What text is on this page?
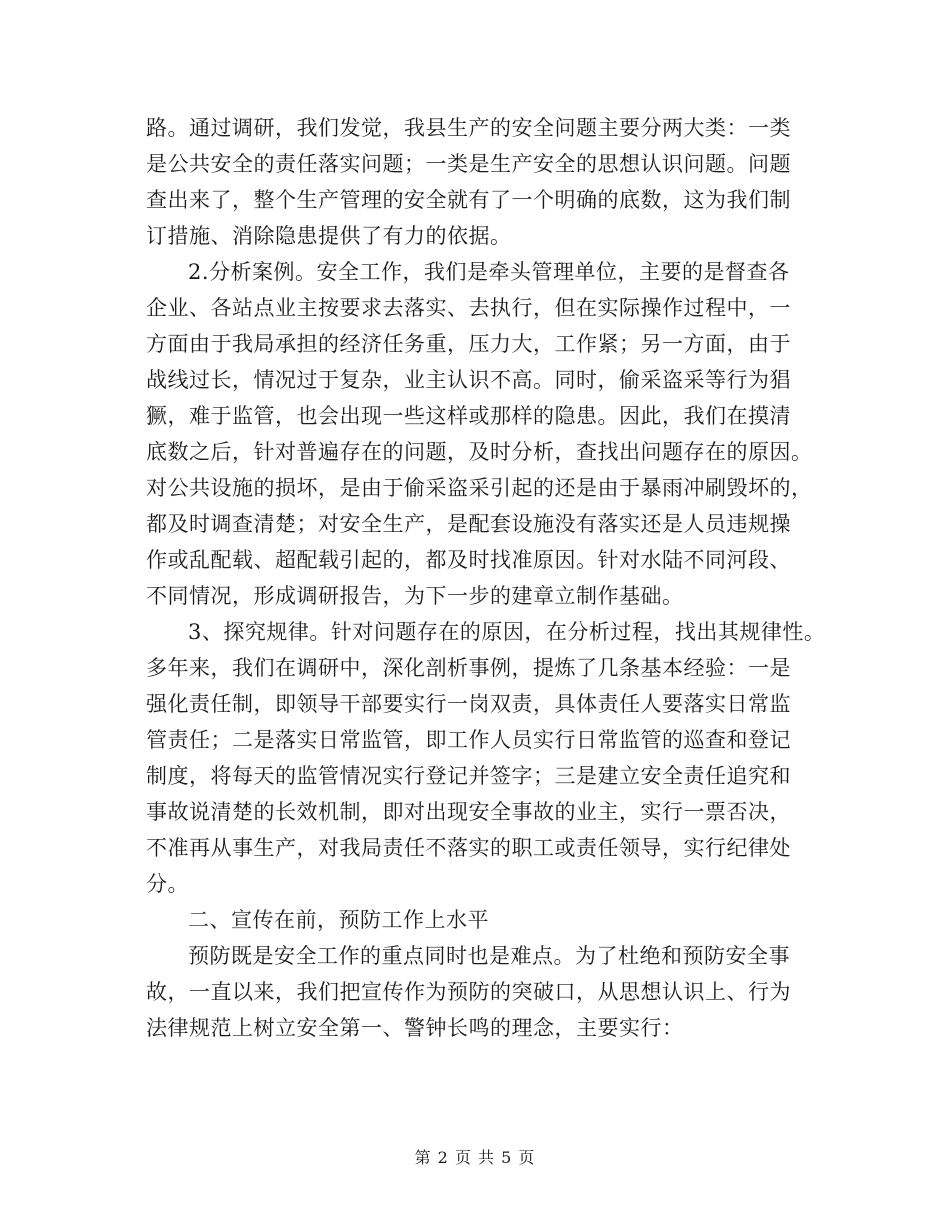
路。通过调研，我们发觉，我县生产的安全问题主要分两大类：一类
是公共安全的责任落实问题；一类是生产安全的思想认识问题。问题
查出来了，整个生产管理的安全就有了一个明确的底数，这为我们制
订措施、消除隐患提供了有力的依据。
2.分析案例。安全工作，我们是牵头管理单位，主要的是督查各
企业、各站点业主按要求去落实、去执行，但在实际操作过程中，一
方面由于我局承担的经济任务重，压力大，工作紧；另一方面，由于
战线过长，情况过于复杂，业主认识不高。同时，偷采盗采等行为猖
獗，难于监管，也会出现一些这样或那样的隐患。因此，我们在摸清
底数之后，针对普遍存在的问题，及时分析，查找出问题存在的原因。
对公共设施的损坏，是由于偷采盗采引起的还是由于暴雨冲刷毁坏的，
都及时调查清楚；对安全生产，是配套设施没有落实还是人员违规操
作或乱配载、超配载引起的，都及时找准原因。针对水陆不同河段、
不同情况，形成调研报告，为下一步的建章立制作基础。
3、探究规律。针对问题存在的原因，在分析过程，找出其规律性。
多年来，我们在调研中，深化剖析事例，提炼了几条基本经验：一是
强化责任制，即领导干部要实行一岗双责，具体责任人要落实日常监
管责任；二是落实日常监管，即工作人员实行日常监管的巡查和登记
制度，将每天的监管情况实行登记并签字；三是建立安全责任追究和
事故说清楚的长效机制，即对出现安全事故的业主，实行一票否决，
不准再从事生产，对我局责任不落实的职工或责任领导，实行纪律处
分。
二、宣传在前，预防工作上水平
预防既是安全工作的重点同时也是难点。为了杜绝和预防安全事
故，一直以来，我们把宣传作为预防的突破口，从思想认识上、行为
法律规范上树立安全第一、警钟长鸣的理念，主要实行：
第 2 页 共 5 页
